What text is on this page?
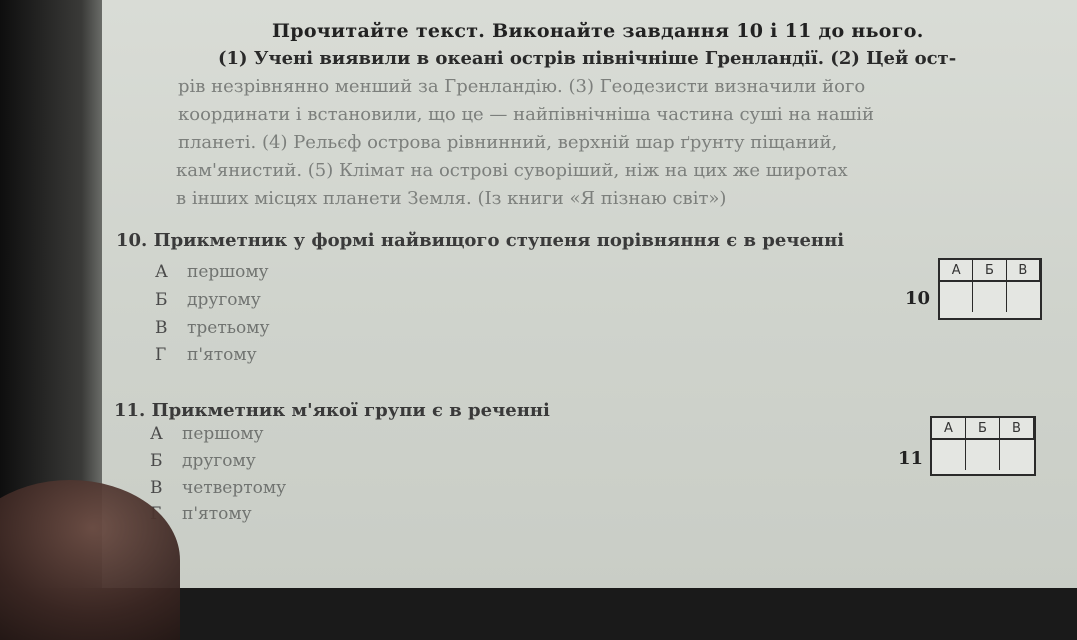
Прочитайте текст. Виконайте завдання 10 і 11 до нього.
(1) Учені виявили в океані острів північніше Гренландії. (2) Цей ост-
рів незрівнянно менший за Гренландію. (3) Геодезисти визначили його
координати і встановили, що це — найпівнічніша частина суші на нашій
планеті. (4) Рельєф острова рівнинний, верхній шар ґрунту піщаний,
кам'янистий. (5) Клімат на острові суворіший, ніж на цих же широтах
в інших місцях планети Земля. (Із книги «Я пізнаю світ»)
10. Прикметник у формі найвищого ступеня порівняння є в реченні
А першому
Б другому
В третьому
Г п'ятому
10
А	Б	В
11. Прикметник м'якої групи є в реченні
А першому
Б другому
В четвертому
п'ятому
11
А	Б	В
